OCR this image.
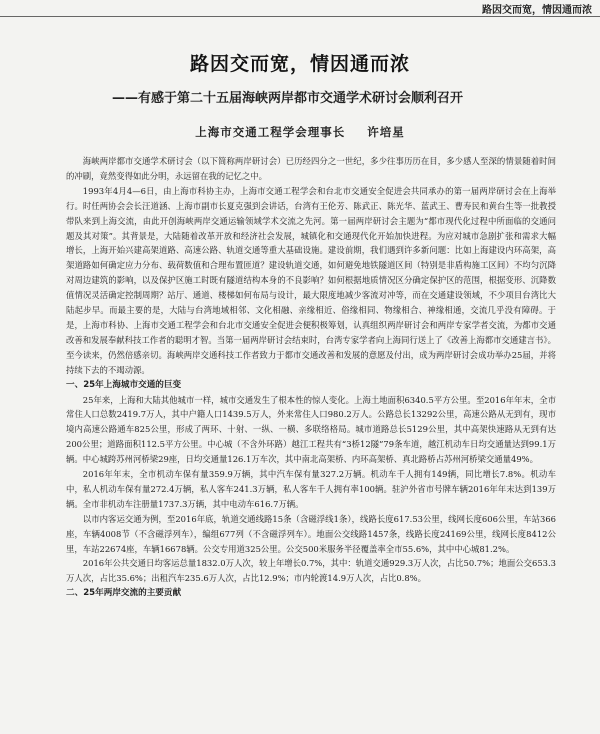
路因交而宽，情因通而浓
路因交而宽，情因通而浓
——有感于第二十五届海峡两岸都市交通学术研讨会顺利召开
上海市交通工程学会理事长 许培星

海峡两岸都市交通学术研讨会（以下简称两岸研讨会）已历经四分之一世纪，多少往事历历在目，多少感人至深的情景随着时间的冲刷，竟然变得如此分明，永远留在我的记忆之中。

1993年4月4—6日，由上海市科协主办，上海市交通工程学会和台北市交通安全促进会共同承办的第一届两岸研讨会在上海举行。时任两协会会长汪道涵、上海市副市长夏克强到会讲话，台湾有王伦芳、陈武正、陈光华、蓝武王、曹寿民和黄台生等一批教授带队来到上海交流，由此开创海峡两岸交通运输领域学术交流之先河。第一届两岸研讨会主题为“都市现代化过程中所面临的交通问题及其对策”。其背景是，大陆随着改革开放和经济社会发展，城镇化和交通现代化开始加快进程。为应对城市急剧扩张和需求大幅增长，上海开始兴建高架道路、高速公路、轨道交通等重大基础设施。建设前期，我们遇到许多新问题：比如上海建设内环高架，高架道路如何确定应力分布、载荷数值和合理布置匝道？建设轨道交通，如何避免地铁隧道区间（特别是非盾构施工区间）不均匀沉降对周边建筑的影响，以及保护区施工时既有隧道结构本身的不良影响？如何根据地质情况区分确定保护区的范围，根据变形、沉降数值情况灵活确定控制周期？站厅、通道、楼梯如何布局与设计，最大限度地减少客流对冲等，而在交通建设领域，不少项目台湾比大陆起步早。而最主要的是，大陆与台湾地域相邻、文化相融、亲缘相近、俗缘相同、物缘相合、神缘相通，交流几乎没有障碍。于是，上海市科协、上海市交通工程学会和台北市交通安全促进会便积极筹划，认真组织两岸研讨会和两岸专家学者交流，为都市交通改善和发展奉献科技工作者的聪明才智。当第一届两岸研讨会结束时，台湾专家学者向上海同行送上了《改善上海都市交通建言书》。至今读来，仍然倍感亲切。海峡两岸交通科技工作者致力于都市交通改善和发展的意愿及付出，成为两岸研讨会成功举办25届，并将持续下去的不竭动源。

一、25年上海城市交通的巨变

25年来，上海和大陆其他城市一样，城市交通发生了根本性的惊人变化。上海土地面积6340.5平方公里。至2016年年末，全市常住人口总数2419.7万人，其中户籍人口1439.5万人，外来常住人口980.2万人。公路总长13292公里，高速公路从无到有，现市境内高速公路通车825公里，形成了两环、十射、一纵、一横、多联络格局。城市道路总长5129公里，其中高架快速路从无到有达200公里；道路面积112.5平方公里。中心城（不含外环路）越江工程共有“3桥12隧”79条车道，越江机动车日均交通量达到99.1万辆。中心城跨苏州河桥梁29座，日均交通量126.1万车次，其中南北高架桥、内环高架桥、真北路桥占苏州河桥梁交通量49%。

2016年年末，全市机动车保有量359.9万辆，其中汽车保有量327.2万辆。机动车千人拥有149辆，同比增长7.8%。机动车中，私人机动车保有量272.4万辆，私人客车241.3万辆，私人客车千人拥有率100辆。驻沪外省市号牌车辆2016年年末达到139万辆。全市非机动车注册量1737.3万辆，其中电动车616.7万辆。

以市内客运交通为例，至2016年底，轨道交通线路15条（含磁浮线1条），线路长度617.53公里，线网长度606公里，车站366座，车辆4008节（不含磁浮列车），编组677列（不含磁浮列车）。地面公交线路1457条，线路长度24169公里，线网长度8412公里，车站22674座，车辆16678辆。公交专用道325公里。公交500米服务半径覆盖率全市55.6%，其中中心城81.2%。

2016年公共交通日均客运总量1832.0万人次，较上年增长0.7%，其中：轨道交通929.3万人次，占比50.7%；地面公交653.3万人次，占比35.6%；出租汽车235.6万人次，占比12.9%；市内轮渡14.9万人次，占比0.8%。

二、25年两岸交流的主要贡献
